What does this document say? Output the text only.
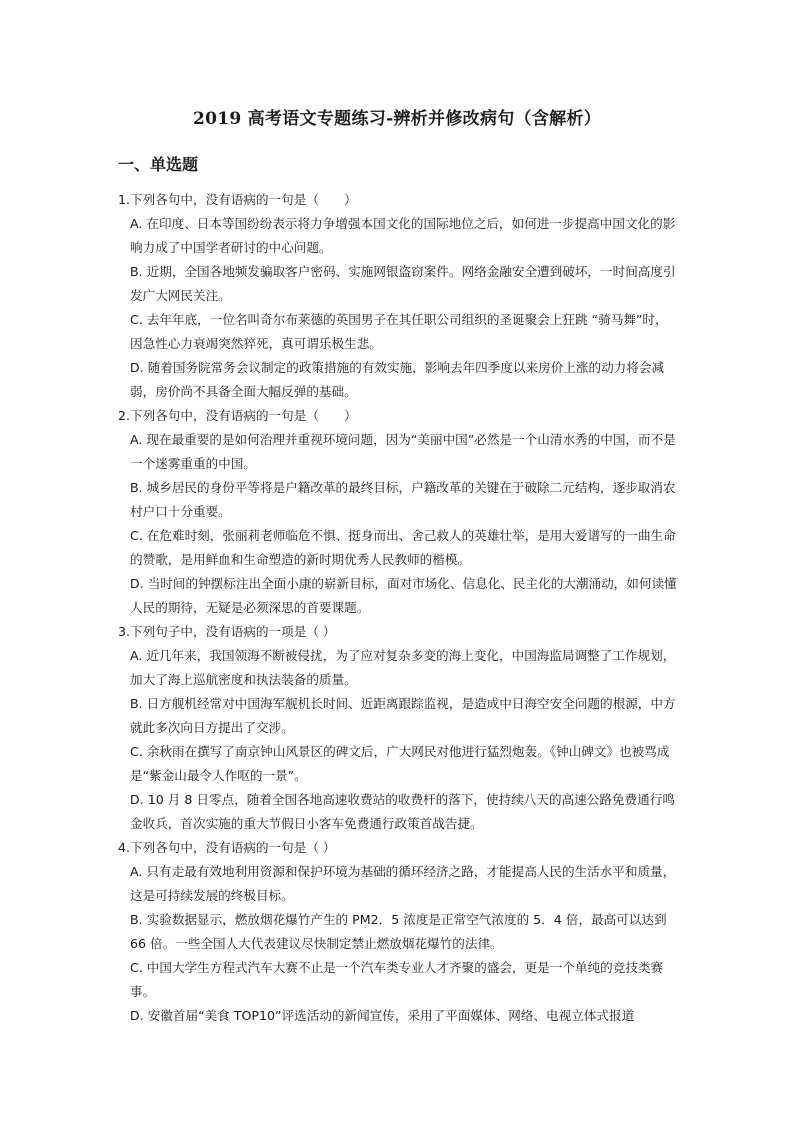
2019 高考语文专题练习-辨析并修改病句（含解析）
一、单选题

1.下列各句中，没有语病的一句是（　　）

A. 在印度、日本等国纷纷表示将力争增强本国文化的国际地位之后，如何进一步提高中国文化的影响力成了中国学者研讨的中心问题。

B. 近期，全国各地频发骗取客户密码、实施网银盗窃案件。网络金融安全遭到破坏，一时间高度引发广大网民关注。

C. 去年年底，一位名叫奇尔布莱德的英国男子在其任职公司组织的圣诞聚会上狂跳 “骑马舞”时，因急性心力衰竭突然猝死，真可谓乐极生悲。

D. 随着国务院常务会议制定的政策措施的有效实施，影响去年四季度以来房价上涨的动力将会减弱，房价尚不具备全面大幅反弹的基础。

2.下列各句中，没有语病的一句是（　　）

A. 现在最重要的是如何治理并重视环境问题，因为“美丽中国”必然是一个山清水秀的中国，而不是一个迷雾重重的中国。

B. 城乡居民的身份平等将是户籍改革的最终目标，户籍改革的关键在于破除二元结构，逐步取消农村户口十分重要。

C. 在危难时刻，张丽莉老师临危不惧、挺身而出、舍己救人的英雄壮举，是用大爱谱写的一曲生命的赞歌，是用鲜血和生命塑造的新时期优秀人民教师的楷模。

D. 当时间的钟摆标注出全面小康的崭新目标，面对市场化、信息化、民主化的大潮涌动，如何读懂人民的期待，无疑是必须深思的首要课题。

3.下列句子中，没有语病的一项是（ ）

A. 近几年来，我国领海不断被侵扰，为了应对复杂多变的海上变化，中国海监局调整了工作规划，加大了海上巡航密度和执法装备的质量。

B. 日方舰机经常对中国海军舰机长时间、近距离跟踪监视，是造成中日海空安全问题的根源，中方就此多次向日方提出了交涉。

C. 余秋雨在撰写了南京钟山风景区的碑文后，广大网民对他进行猛烈炮轰。《钟山碑文》也被骂成是“紫金山最令人作呕的一景”。

D. 10 月 8 日零点，随着全国各地高速收费站的收费杆的落下，使持续八天的高速公路免费通行鸣金收兵，首次实施的重大节假日小客车免费通行政策首战告捷。

4.下列各句中，没有语病的一句是（ ）

A. 只有走最有效地利用资源和保护环境为基础的循环经济之路，才能提高人民的生活水平和质量，这是可持续发展的终极目标。

B. 实验数据显示，燃放烟花爆竹产生的 PM2．5 浓度是正常空气浓度的 5．4 倍，最高可以达到 66 倍。一些全国人大代表建议尽快制定禁止燃放烟花爆竹的法律。

C. 中国大学生方程式汽车大赛不止是一个汽车类专业人才齐聚的盛会，更是一个单纯的竞技类赛事。

D. 安徽首届“美食 TOP10”评选活动的新闻宣传，采用了平面媒体、网络、电视立体式报道
